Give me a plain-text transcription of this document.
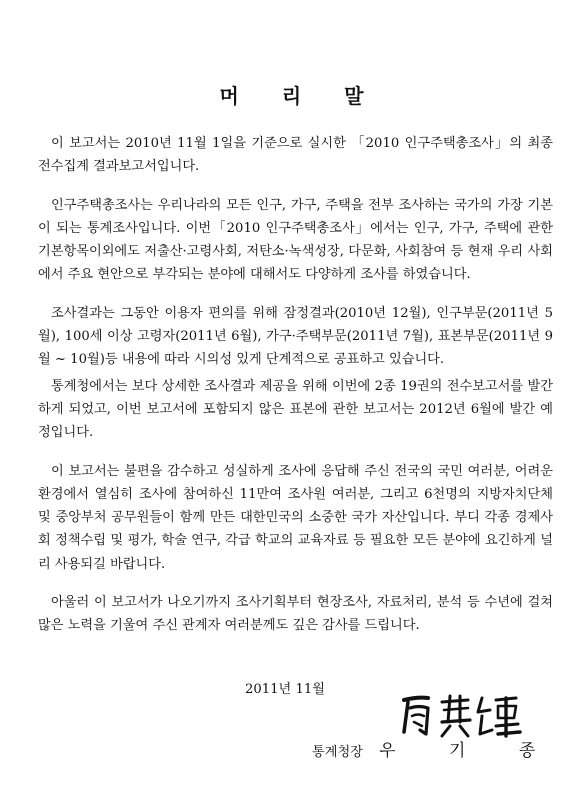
머 리 말

이 보고서는 2010년 11월 1일을 기준으로 실시한 「2010 인구주택총조사」의 최종 전수집계 결과보고서입니다.

인구주택총조사는 우리나라의 모든 인구, 가구, 주택을 전부 조사하는 국가의 가장 기본이 되는 통계조사입니다. 이번「2010 인구주택총조사」에서는 인구, 가구, 주택에 관한 기본항목이외에도 저출산·고령사회, 저탄소·녹색성장, 다문화, 사회참여 등 현재 우리 사회에서 주요 현안으로 부각되는 분야에 대해서도 다양하게 조사를 하였습니다.

조사결과는 그동안 이용자 편의를 위해 잠정결과(2010년 12월), 인구부문(2011년 5월), 100세 이상 고령자(2011년 6월), 가구·주택부문(2011년 7월), 표본부문(2011년 9월 ~ 10월)등 내용에 따라 시의성 있게 단계적으로 공표하고 있습니다.

통계청에서는 보다 상세한 조사결과 제공을 위해 이번에 2종 19권의 전수보고서를 발간하게 되었고, 이번 보고서에 포함되지 않은 표본에 관한 보고서는 2012년 6월에 발간 예정입니다.

이 보고서는 불편을 감수하고 성실하게 조사에 응답해 주신 전국의 국민 여러분, 어려운 환경에서 열심히 조사에 참여하신 11만여 조사원 여러분, 그리고 6천명의 지방자치단체 및 중앙부처 공무원들이 함께 만든 대한민국의 소중한 국가 자산입니다. 부디 각종 경제사회 정책수립 및 평가, 학술 연구, 각급 학교의 교육자료 등 필요한 모든 분야에 요긴하게 널리 사용되길 바랍니다.

아울러 이 보고서가 나오기까지 조사기획부터 현장조사, 자료처리, 분석 등 수년에 걸쳐 많은 노력을 기울여 주신 관계자 여러분께도 깊은 감사를 드립니다.

2011년 11월
통계청장 우 기 종
